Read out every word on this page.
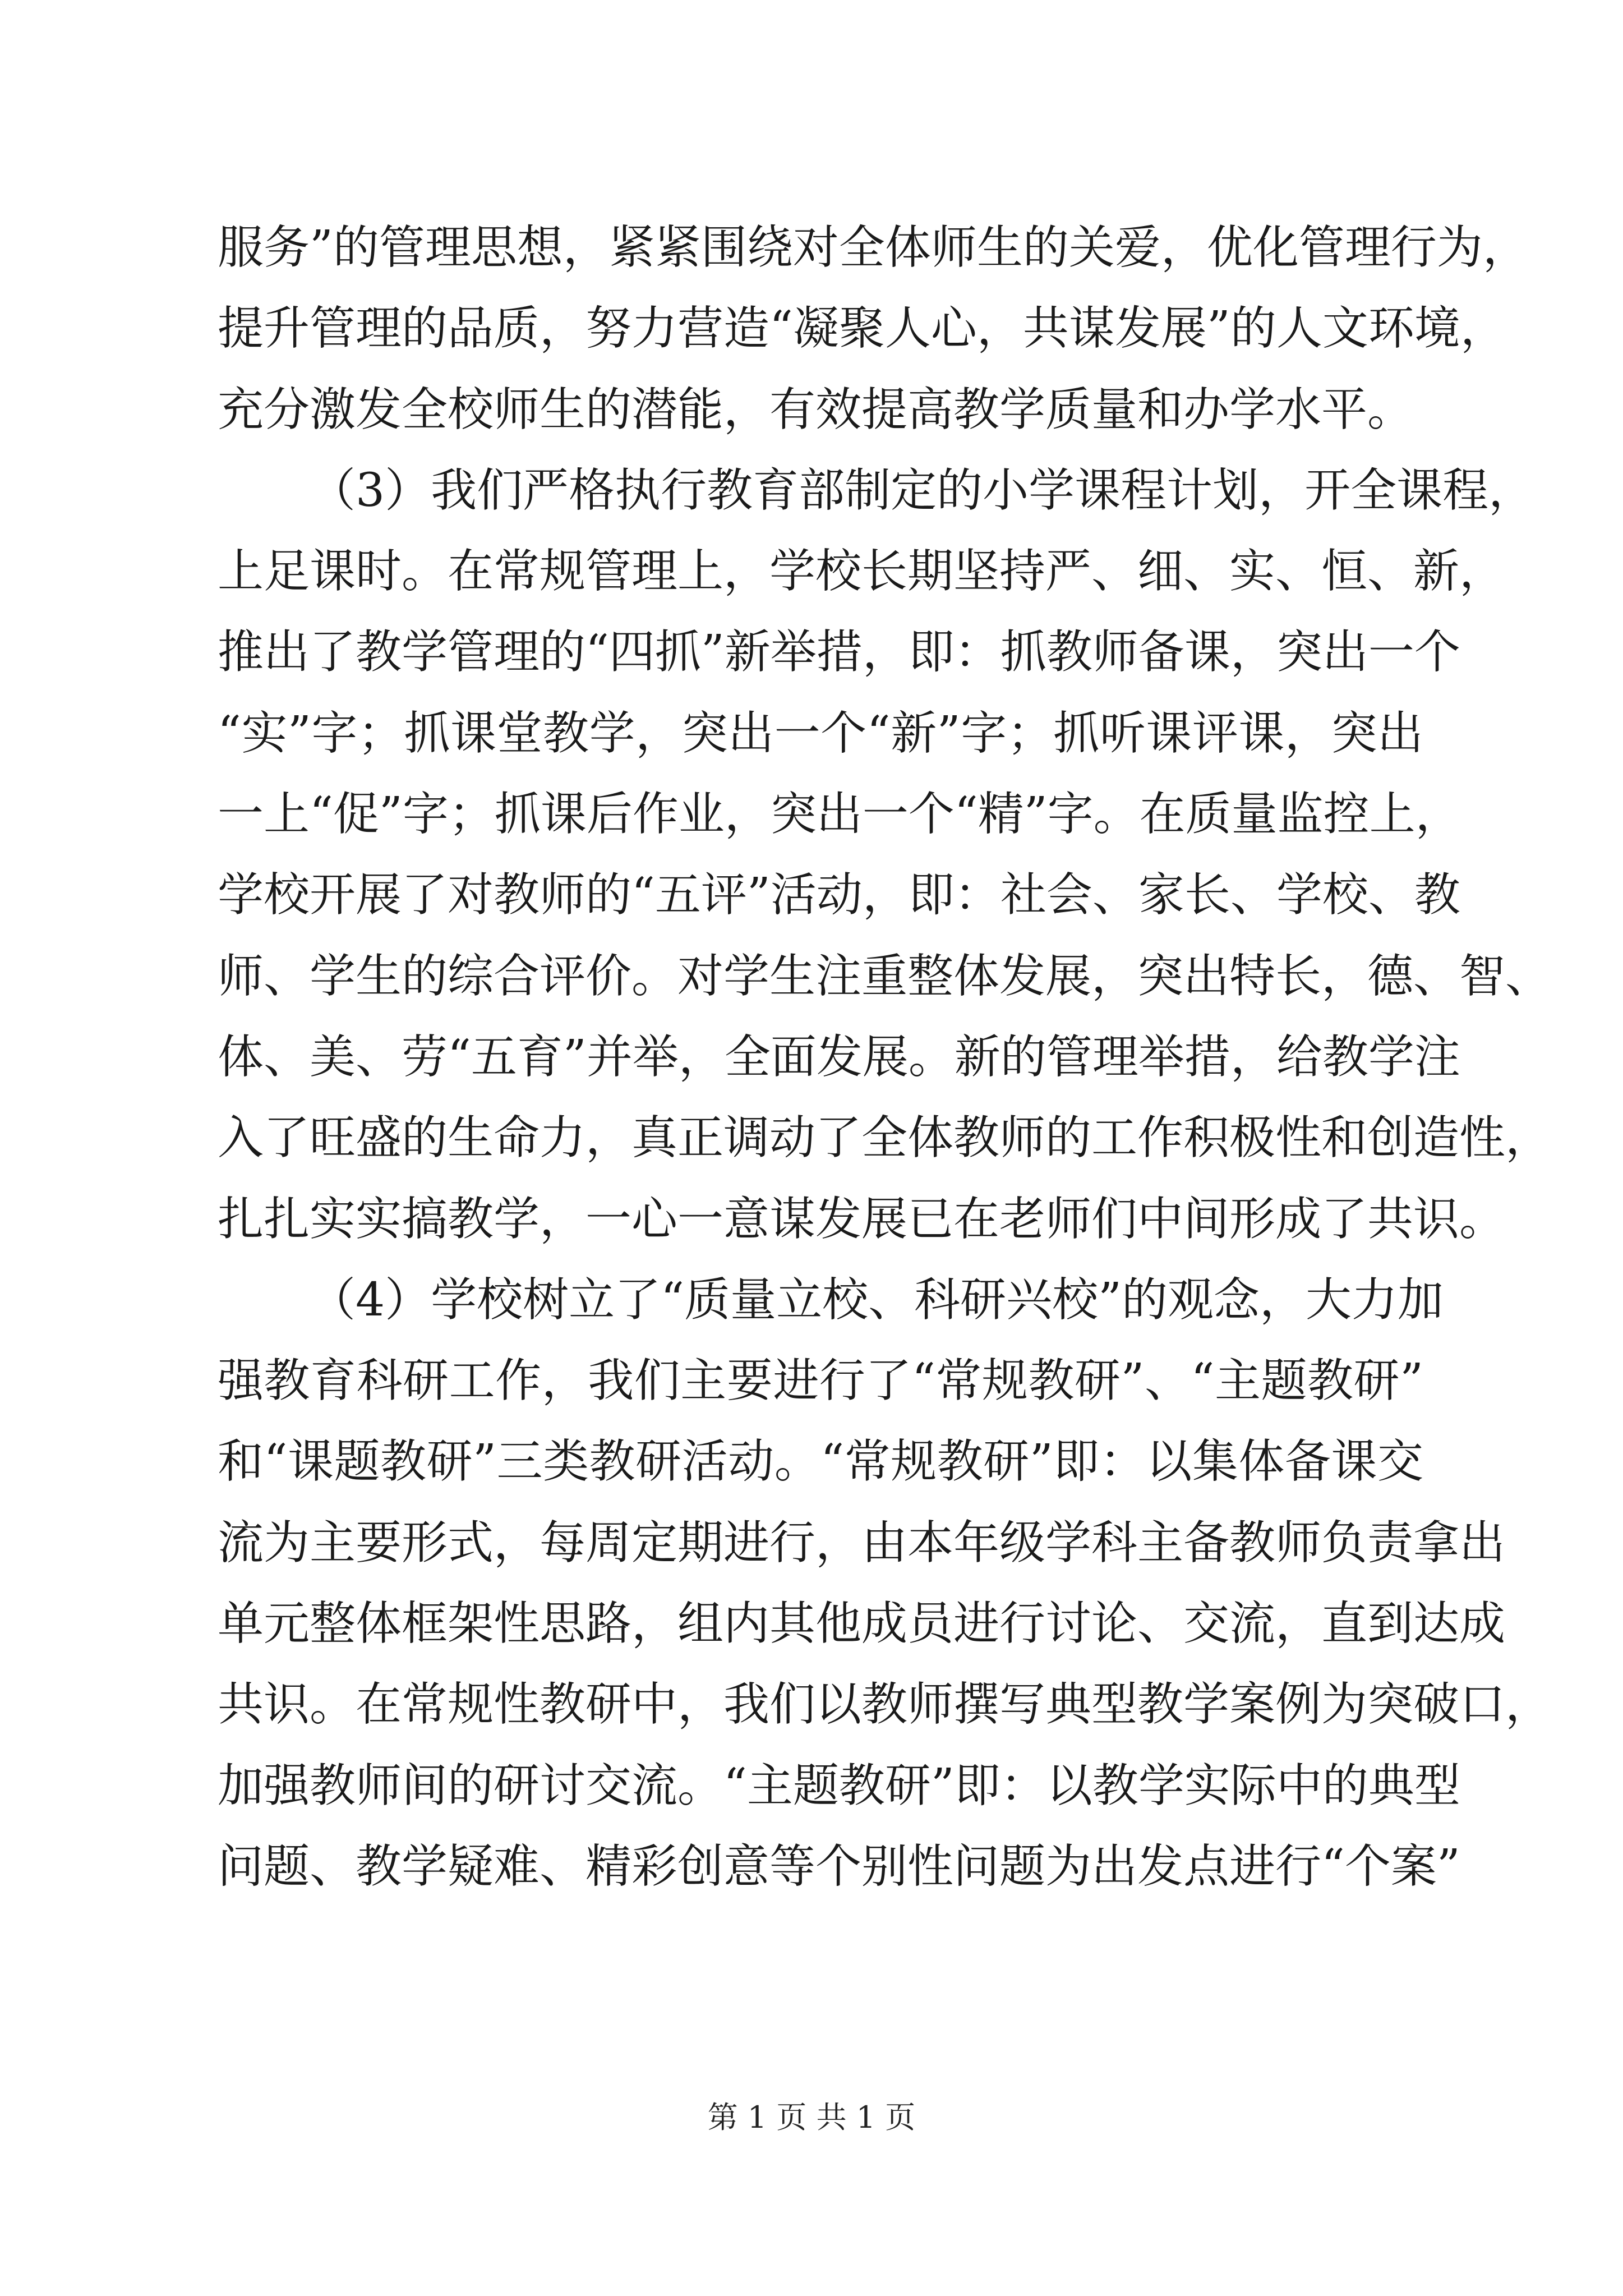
服务”的管理思想，紧紧围绕对全体师生的关爱，优化管理行为，
提升管理的品质，努力营造“凝聚人心，共谋发展”的人文环境，
充分激发全校师生的潜能，有效提高教学质量和办学水平。
（3）我们严格执行教育部制定的小学课程计划，开全课程，
上足课时。在常规管理上，学校长期坚持严、细、实、恒、新，
推出了教学管理的“四抓”新举措，即：抓教师备课，突出一个
“实”字；抓课堂教学，突出一个“新”字；抓听课评课，突出
一上“促”字；抓课后作业，突出一个“精”字。在质量监控上，
学校开展了对教师的“五评”活动，即：社会、家长、学校、教
师、学生的综合评价。对学生注重整体发展，突出特长，德、智、
体、美、劳“五育”并举，全面发展。新的管理举措，给教学注
入了旺盛的生命力，真正调动了全体教师的工作积极性和创造性，
扎扎实实搞教学，一心一意谋发展已在老师们中间形成了共识。
（4）学校树立了“质量立校、科研兴校”的观念，大力加
强教育科研工作，我们主要进行了“常规教研”、“主题教研”
和“课题教研”三类教研活动。“常规教研”即：以集体备课交
流为主要形式，每周定期进行，由本年级学科主备教师负责拿出
单元整体框架性思路，组内其他成员进行讨论、交流，直到达成
共识。在常规性教研中，我们以教师撰写典型教学案例为突破口，
加强教师间的研讨交流。“主题教研”即：以教学实际中的典型
问题、教学疑难、精彩创意等个别性问题为出发点进行“个案”
第 1 页 共 1 页
